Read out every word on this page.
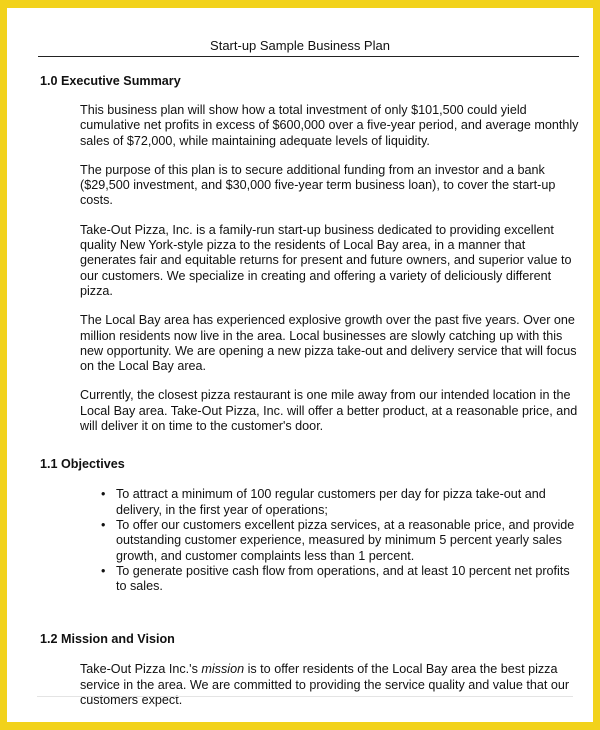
Start-up Sample Business Plan
1.0 Executive Summary

This business plan will show how a total investment of only $101,500 could yield cumulative net profits in excess of $600,000 over a five-year period, and average monthly sales of $72,000, while maintaining adequate levels of liquidity.

The purpose of this plan is to secure additional funding from an investor and a bank ($29,500 investment, and $30,000 five-year term business loan), to cover the start-up costs.

Take-Out Pizza, Inc. is a family-run start-up business dedicated to providing excellent quality New York-style pizza to the residents of Local Bay area, in a manner that generates fair and equitable returns for present and future owners, and superior value to our customers. We specialize in creating and offering a variety of deliciously different pizza.

The Local Bay area has experienced explosive growth over the past five years. Over one million residents now live in the area. Local businesses are slowly catching up with this new opportunity. We are opening a new pizza take-out and delivery service that will focus on the Local Bay area.

Currently, the closest pizza restaurant is one mile away from our intended location in the Local Bay area. Take-Out Pizza, Inc. will offer a better product, at a reasonable price, and will deliver it on time to the customer's door.

1.1 Objectives
• To attract a minimum of 100 regular customers per day for pizza take-out and delivery, in the first year of operations;
• To offer our customers excellent pizza services, at a reasonable price, and provide outstanding customer experience, measured by minimum 5 percent yearly sales growth, and customer complaints less than 1 percent.
• To generate positive cash flow from operations, and at least 10 percent net profits to sales.
1.2 Mission and Vision

Take-Out Pizza Inc.'s mission is to offer residents of the Local Bay area the best pizza service in the area. We are committed to providing the service quality and value that our customers expect.
